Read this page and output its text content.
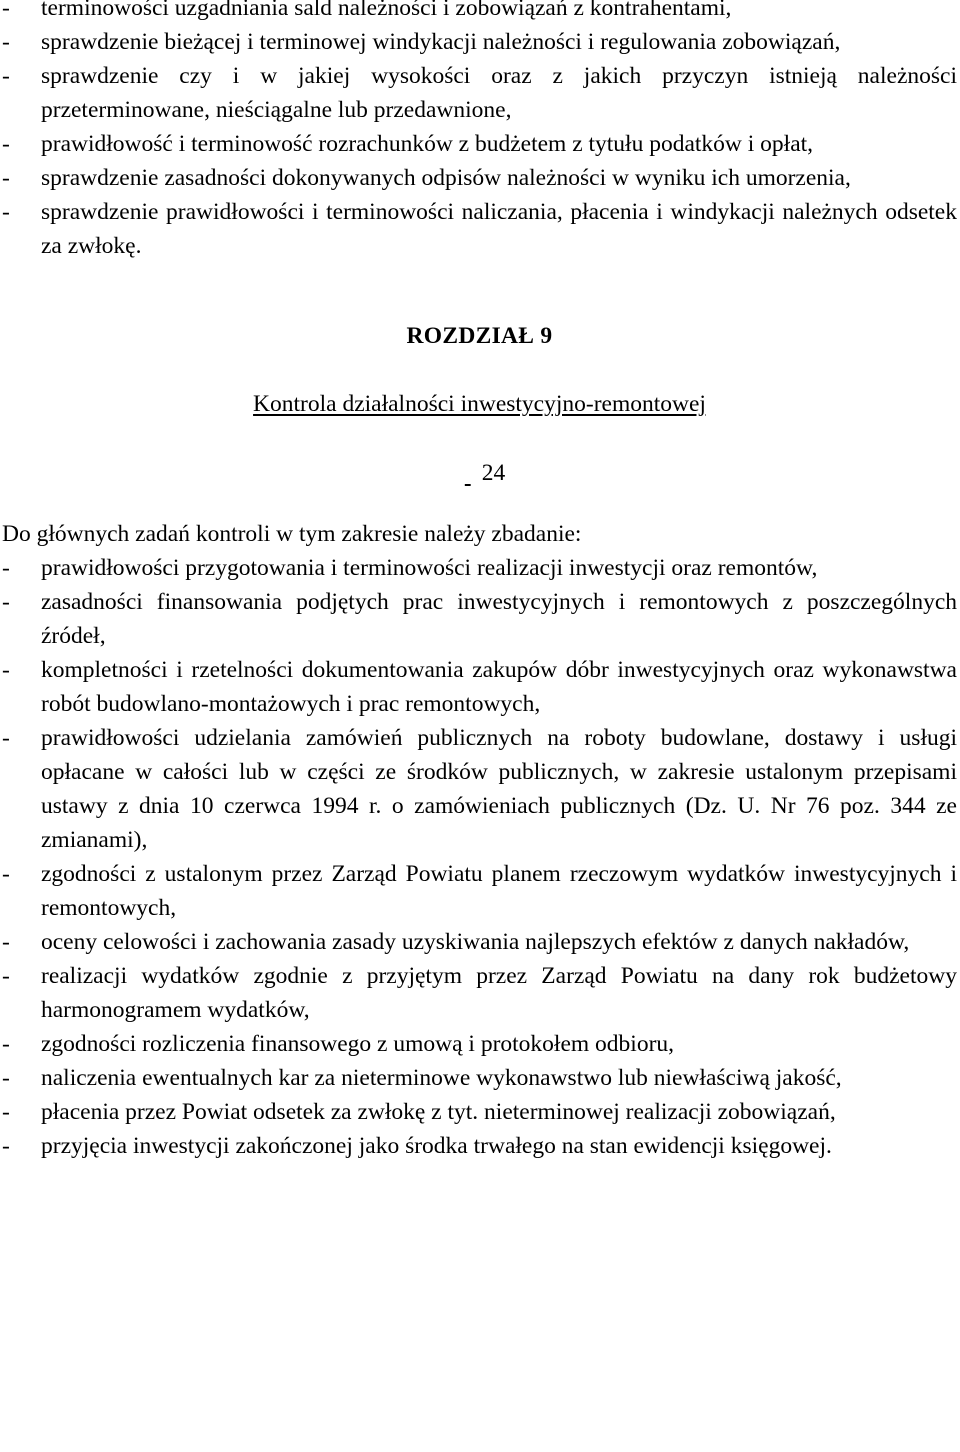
-	terminowości uzgadniania sald należności i zobowiązań z kontrahentami,
-	sprawdzenie bieżącej i terminowej windykacji należności i regulowania zobowiązań,
-	sprawdzenie czy i w jakiej wysokości oraz z jakich przyczyn istnieją należności przeterminowane, nieściągalne lub przedawnione,
-	prawidłowość i terminowość rozrachunków z budżetem z tytułu podatków i opłat,
-	sprawdzenie zasadności dokonywanych odpisów należności w wyniku ich umorzenia,
-	sprawdzenie prawidłowości i terminowości naliczania, płacenia i windykacji należnych odsetek za zwłokę.
ROZDZIAŁ 9
Kontrola działalności inwestycyjno-remontowej
24
Do głównych zadań kontroli w tym zakresie należy zbadanie:
-	prawidłowości przygotowania i terminowości realizacji inwestycji oraz remontów,
-	zasadności finansowania podjętych prac inwestycyjnych i remontowych z poszczególnych źródeł,
-	kompletności i rzetelności dokumentowania zakupów dóbr inwestycyjnych oraz wykonawstwa robót budowlano-montażowych i prac remontowych,
-	prawidłowości udzielania zamówień publicznych na roboty budowlane, dostawy i usługi opłacane w całości lub w części ze środków publicznych, w zakresie ustalonym przepisami ustawy z dnia 10 czerwca 1994 r. o zamówieniach publicznych (Dz. U. Nr 76 poz. 344 ze zmianami),
-	zgodności z ustalonym przez Zarząd Powiatu planem rzeczowym wydatków inwestycyjnych i remontowych,
-	oceny celowości i zachowania zasady uzyskiwania najlepszych efektów z danych nakładów,
-	realizacji wydatków zgodnie z przyjętym przez Zarząd Powiatu na dany rok budżetowy harmonogramem wydatków,
-	zgodności rozliczenia finansowego z umową i protokołem odbioru,
-	naliczenia ewentualnych kar za nieterminowe wykonawstwo lub niewłaściwą jakość,
-	płacenia przez Powiat odsetek za zwłokę z tyt. nieterminowej realizacji zobowiązań,
-	przyjęcia inwestycji zakończonej jako środka trwałego na stan ewidencji księgowej.
